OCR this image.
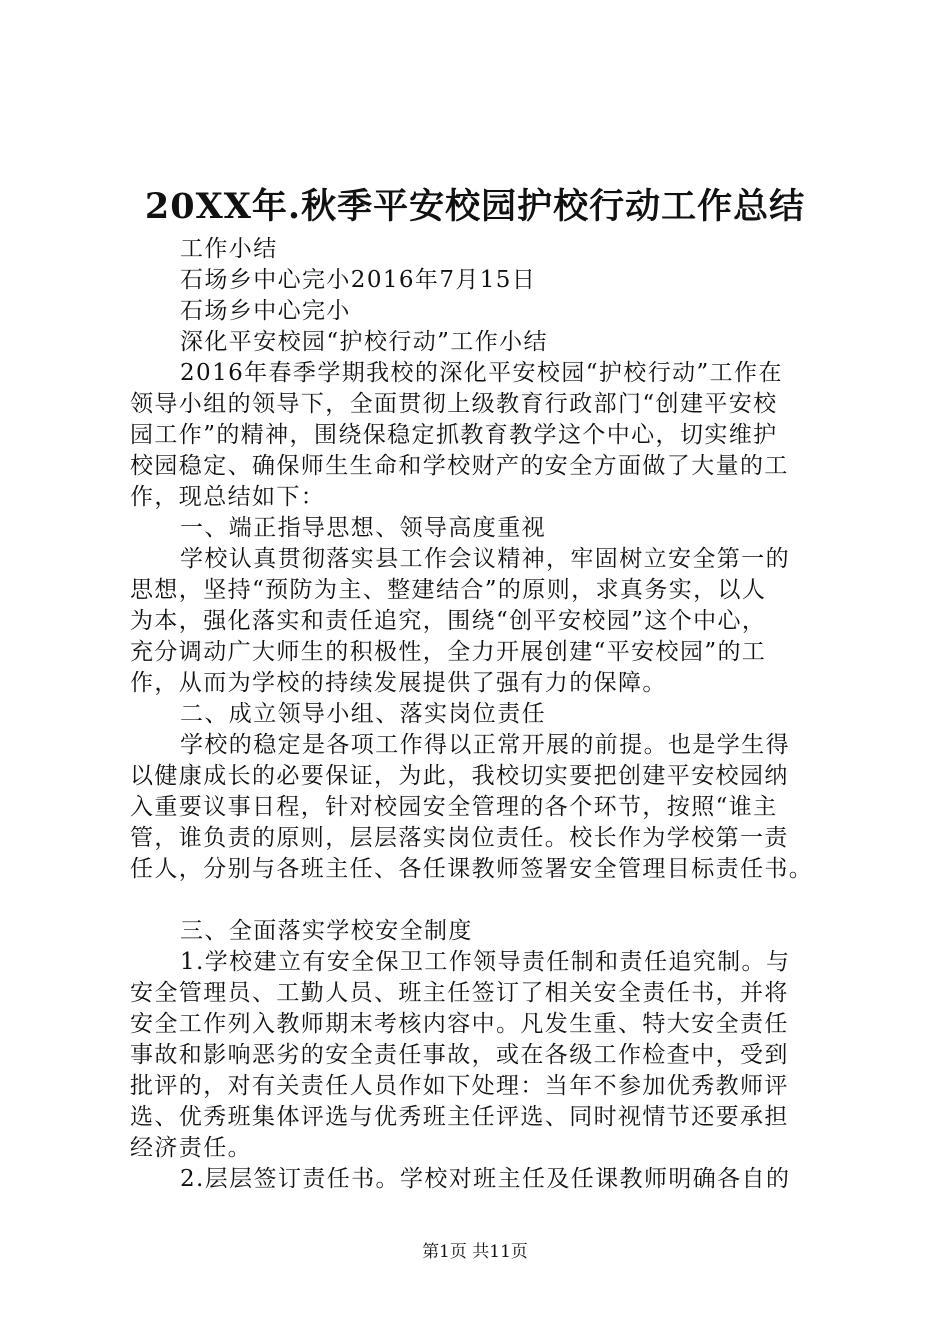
20XX年.秋季平安校园护校行动工作总结
工作小结
石场乡中心完小2016年7月15日
石场乡中心完小
深化平安校园“护校行动”工作小结
2016年春季学期我校的深化平安校园“护校行动”工作在
领导小组的领导下，全面贯彻上级教育行政部门“创建平安校
园工作”的精神，围绕保稳定抓教育教学这个中心，切实维护
校园稳定、确保师生生命和学校财产的安全方面做了大量的工
作，现总结如下：
一、端正指导思想、领导高度重视
学校认真贯彻落实县工作会议精神，牢固树立安全第一的
思想，坚持“预防为主、整建结合”的原则，求真务实，以人
为本，强化落实和责任追究，围绕“创平安校园”这个中心，
充分调动广大师生的积极性，全力开展创建“平安校园”的工
作，从而为学校的持续发展提供了强有力的保障。
二、成立领导小组、落实岗位责任
学校的稳定是各项工作得以正常开展的前提。也是学生得
以健康成长的必要保证，为此，我校切实要把创建平安校园纳
入重要议事日程，针对校园安全管理的各个环节，按照“谁主
管，谁负责的原则，层层落实岗位责任。校长作为学校第一责
任人，分别与各班主任、各任课教师签署安全管理目标责任书。
三、全面落实学校安全制度
1.学校建立有安全保卫工作领导责任制和责任追究制。与
安全管理员、工勤人员、班主任签订了相关安全责任书，并将
安全工作列入教师期末考核内容中。凡发生重、特大安全责任
事故和影响恶劣的安全责任事故，或在各级工作检查中，受到
批评的，对有关责任人员作如下处理：当年不参加优秀教师评
选、优秀班集体评选与优秀班主任评选、同时视情节还要承担
经济责任。
2.层层签订责任书。学校对班主任及任课教师明确各自的
第1页 共11页
